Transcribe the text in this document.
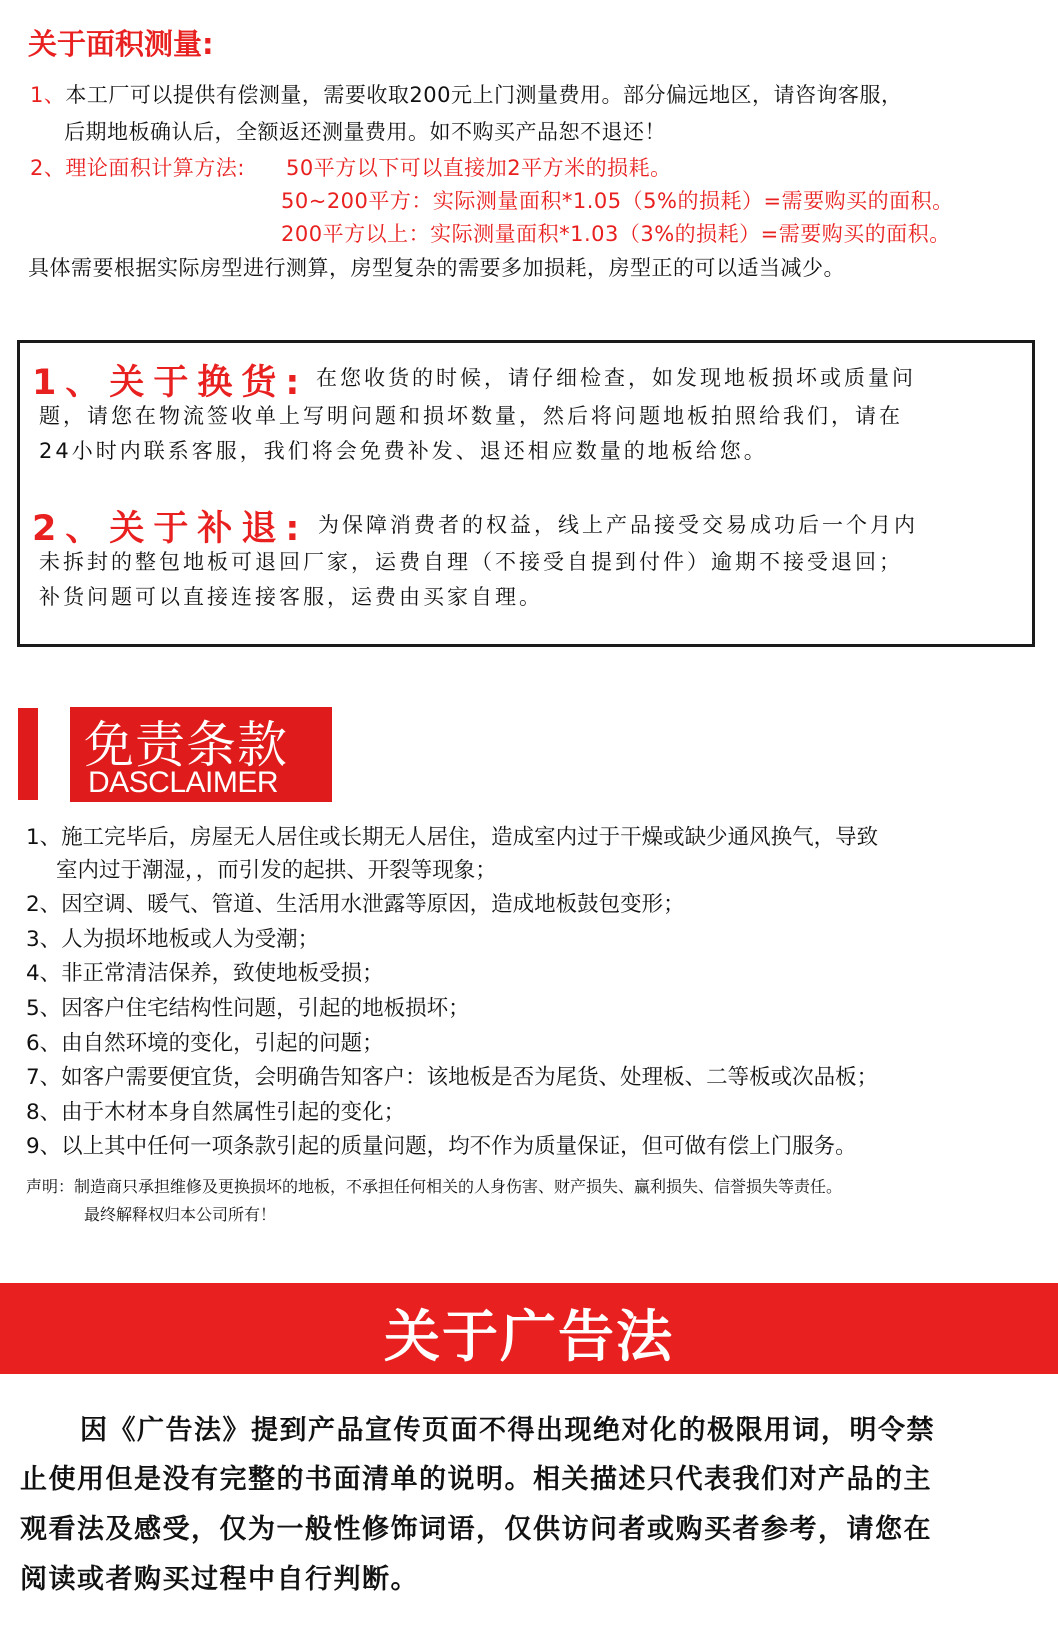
关于面积测量:
1、本工厂可以提供有偿测量，需要收取200元上门测量费用。部分偏远地区，请咨询客服，
后期地板确认后，全额返还测量费用。如不购买产品恕不退还！
2、理论面积计算方法: 50平方以下可以直接加2平方米的损耗。
50~200平方：实际测量面积*1.05（5%的损耗）=需要购买的面积。
200平方以上：实际测量面积*1.03（3%的损耗）=需要购买的面积。
具体需要根据实际房型进行测算，房型复杂的需要多加损耗，房型正的可以适当减少。
1、关于换货: 在您收货的时候，请仔细检查，如发现地板损坏或质量问
题，请您在物流签收单上写明问题和损坏数量，然后将问题地板拍照给我们，请在
24小时内联系客服，我们将会免费补发、退还相应数量的地板给您。
2、关于补退: 为保障消费者的权益，线上产品接受交易成功后一个月内
未拆封的整包地板可退回厂家，运费自理（不接受自提到付件）逾期不接受退回；
补货问题可以直接连接客服，运费由买家自理。
免责条款
DASCLAIMER
1、施工完毕后，房屋无人居住或长期无人居住，造成室内过于干燥或缺少通风换气，导致
室内过于潮湿，，而引发的起拱、开裂等现象；
2、因空调、暖气、管道、生活用水泄露等原因，造成地板鼓包变形；
3、人为损坏地板或人为受潮；
4、非正常清洁保养，致使地板受损；
5、因客户住宅结构性问题，引起的地板损坏；
6、由自然环境的变化，引起的问题；
7、如客户需要便宜货，会明确告知客户：该地板是否为尾货、处理板、二等板或次品板；
8、由于木材本身自然属性引起的变化；
9、以上其中任何一项条款引起的质量问题，均不作为质量保证，但可做有偿上门服务。
声明：制造商只承担维修及更换损坏的地板，不承担任何相关的人身伤害、财产损失、赢利损失、信誉损失等责任。
最终解释权归本公司所有！
关于广告法
因《广告法》提到产品宣传页面不得出现绝对化的极限用词，明令禁
止使用但是没有完整的书面清单的说明。相关描述只代表我们对产品的主
观看法及感受，仅为一般性修饰词语，仅供访问者或购买者参考，请您在
阅读或者购买过程中自行判断。
